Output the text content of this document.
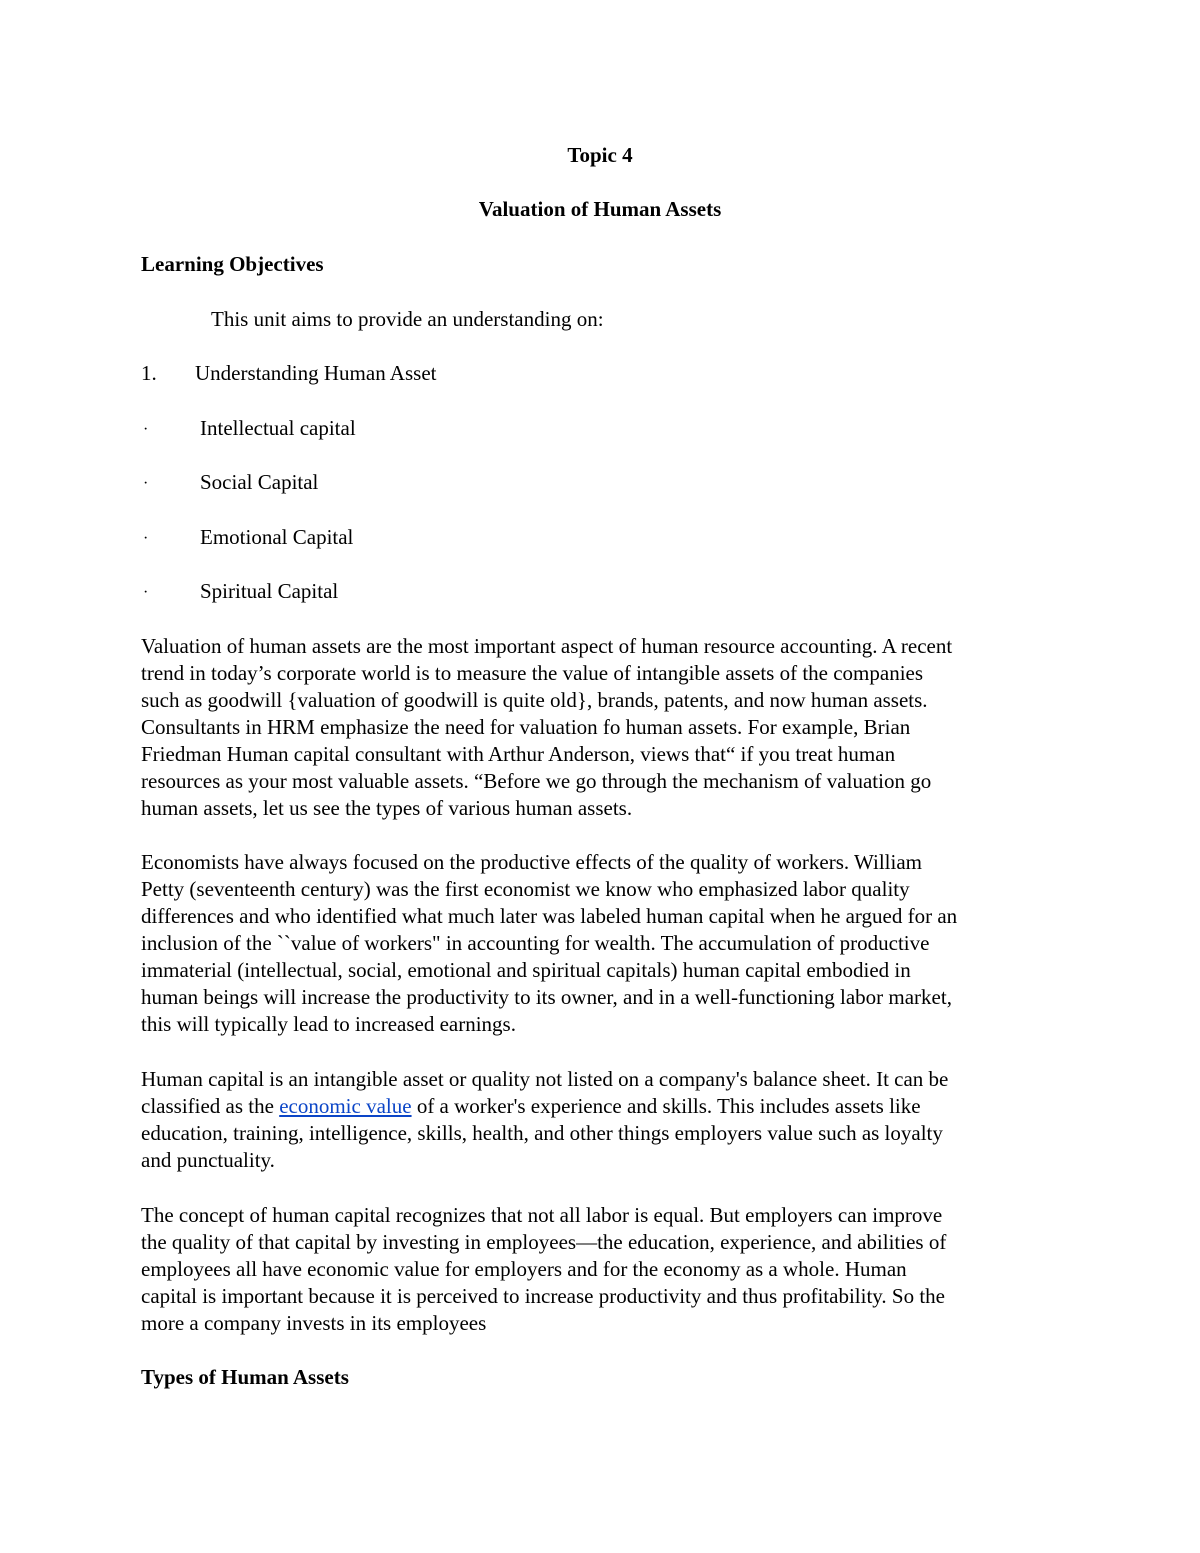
Topic 4
Valuation of Human Assets
Learning Objectives
This unit aims to provide an understanding on:
1. Understanding Human Asset
· Intellectual capital
· Social Capital
· Emotional Capital
· Spiritual Capital
Valuation of human assets are the most important aspect of human resource accounting. A recent
trend in today’s corporate world is to measure the value of intangible assets of the companies
such as goodwill {valuation of goodwill is quite old}, brands, patents, and now human assets.
Consultants in HRM emphasize the need for valuation fo human assets. For example, Brian
Friedman Human capital consultant with Arthur Anderson, views that“ if you treat human
resources as your most valuable assets. “Before we go through the mechanism of valuation go
human assets, let us see the types of various human assets.
Economists have always focused on the productive effects of the quality of workers. William
Petty (seventeenth century) was the first economist we know who emphasized labor quality
differences and who identified what much later was labeled human capital when he argued for an
inclusion of the ``value of workers" in accounting for wealth. The accumulation of productive
immaterial (intellectual, social, emotional and spiritual capitals) human capital embodied in
human beings will increase the productivity to its owner, and in a well-functioning labor market,
this will typically lead to increased earnings.
Human capital is an intangible asset or quality not listed on a company's balance sheet. It can be
classified as the economic value of a worker's experience and skills. This includes assets like
education, training, intelligence, skills, health, and other things employers value such as loyalty
and punctuality.
The concept of human capital recognizes that not all labor is equal. But employers can improve
the quality of that capital by investing in employees—the education, experience, and abilities of
employees all have economic value for employers and for the economy as a whole. Human
capital is important because it is perceived to increase productivity and thus profitability. So the
more a company invests in its employees
Types of Human Assets
